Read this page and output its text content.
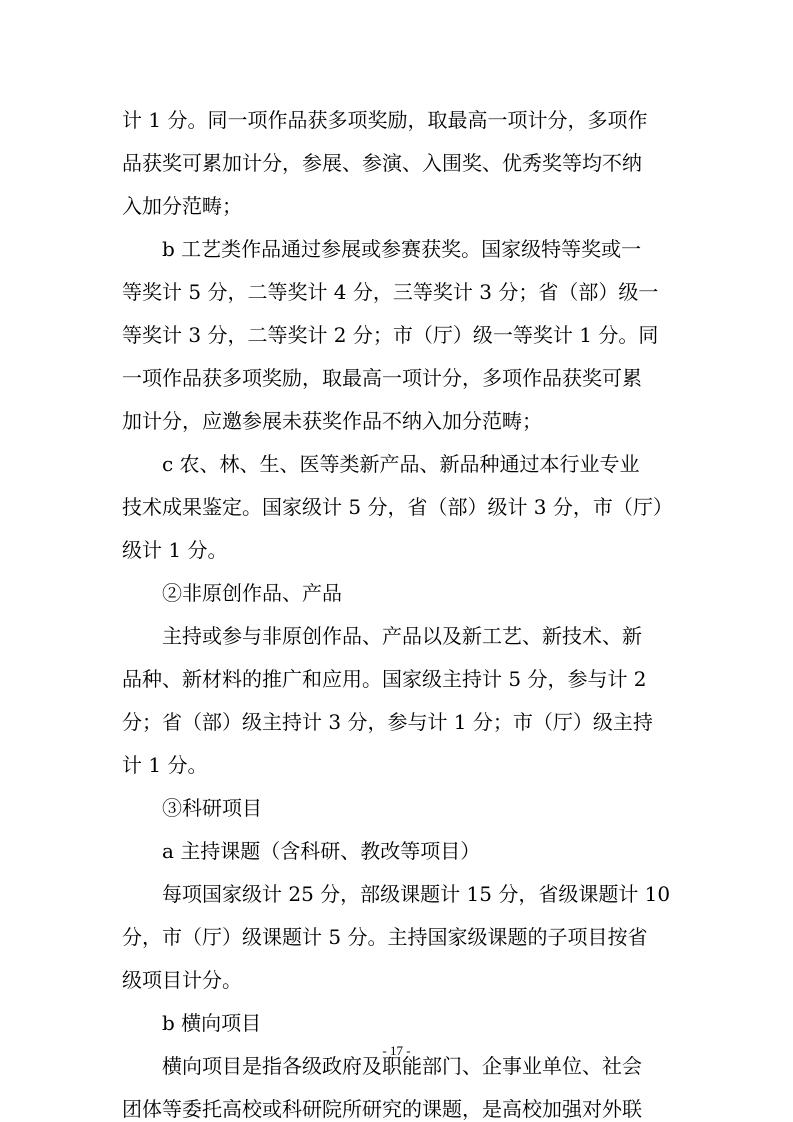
计 1 分。同一项作品获多项奖励，取最高一项计分，多项作
品获奖可累加计分，参展、参演、入围奖、优秀奖等均不纳
入加分范畴；
b 工艺类作品通过参展或参赛获奖。国家级特等奖或一
等奖计 5 分，二等奖计 4 分，三等奖计 3 分；省（部）级一
等奖计 3 分，二等奖计 2 分；市（厅）级一等奖计 1 分。同
一项作品获多项奖励，取最高一项计分，多项作品获奖可累
加计分，应邀参展未获奖作品不纳入加分范畴；
c 农、林、生、医等类新产品、新品种通过本行业专业
技术成果鉴定。国家级计 5 分，省（部）级计 3 分，市（厅）
级计 1 分。
②非原创作品、产品
主持或参与非原创作品、产品以及新工艺、新技术、新
品种、新材料的推广和应用。国家级主持计 5 分，参与计 2
分；省（部）级主持计 3 分，参与计 1 分；市（厅）级主持
计 1 分。
③科研项目
a 主持课题（含科研、教改等项目）
每项国家级计 25 分，部级课题计 15 分，省级课题计 10
分，市（厅）级课题计 5 分。主持国家级课题的子项目按省
级项目计分。
b 横向项目
横向项目是指各级政府及职能部门、企事业单位、社会
团体等委托高校或科研院所研究的课题，是高校加强对外联
- 17 -
